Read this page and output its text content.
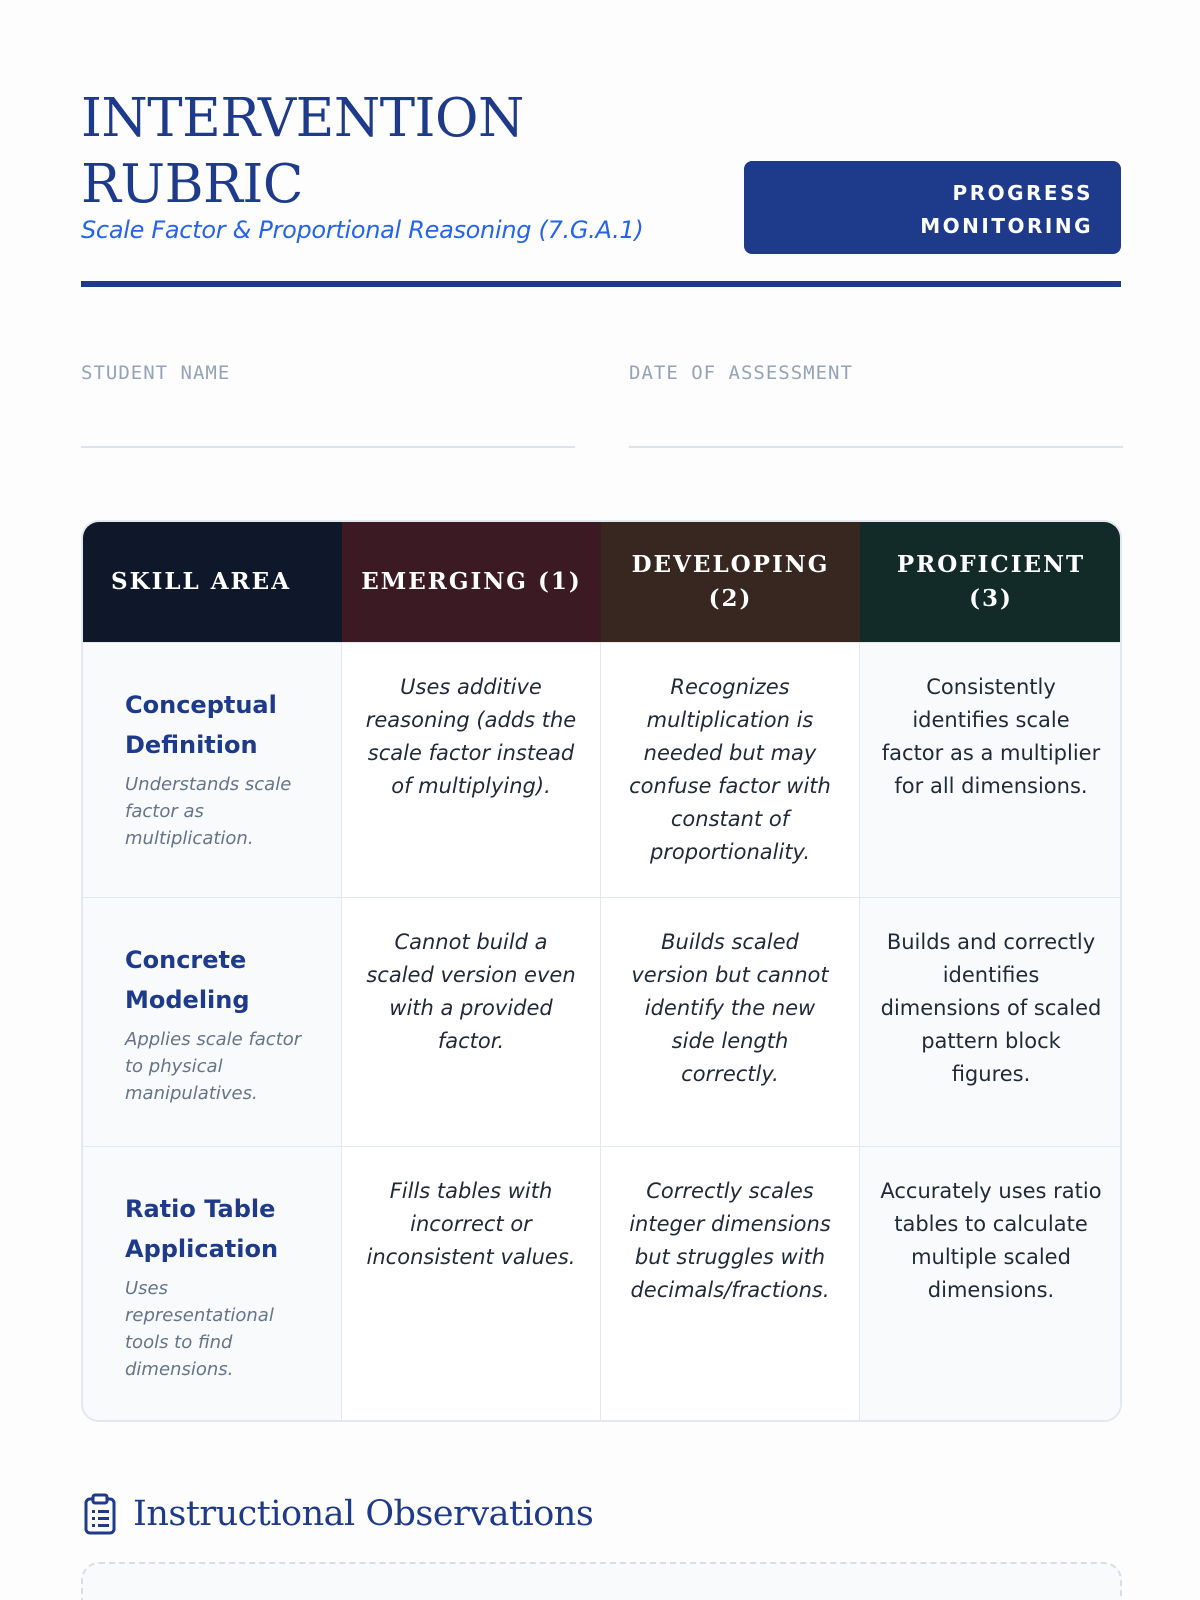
INTERVENTION
RUBRIC
Scale Factor & Proportional Reasoning (7.G.A.1)
PROGRESS
MONITORING
STUDENT NAME	DATE OF ASSESSMENT
SKILL AREA	EMERGING (1)
DEVELOPING (2)
PROFICIENT (3)
Conceptual Definition
Understands scale factor as multiplication.
Uses additive reasoning (adds the scale factor instead of multiplying).
Recognizes multiplication is needed but may confuse factor with constant of proportionality.
Consistently identifies scale factor as a multiplier for all dimensions.
Concrete Modeling
Applies scale factor to physical manipulatives.
Cannot build a scaled version even with a provided factor.
Builds scaled version but cannot identify the new side length correctly.
Builds and correctly identifies dimensions of scaled pattern block figures.
Ratio Table Application
Uses representational tools to find dimensions.
Fills tables with incorrect or inconsistent values.
Correctly scales integer dimensions but struggles with decimals/fractions.
Accurately uses ratio tables to calculate multiple scaled dimensions.
Instructional Observations
